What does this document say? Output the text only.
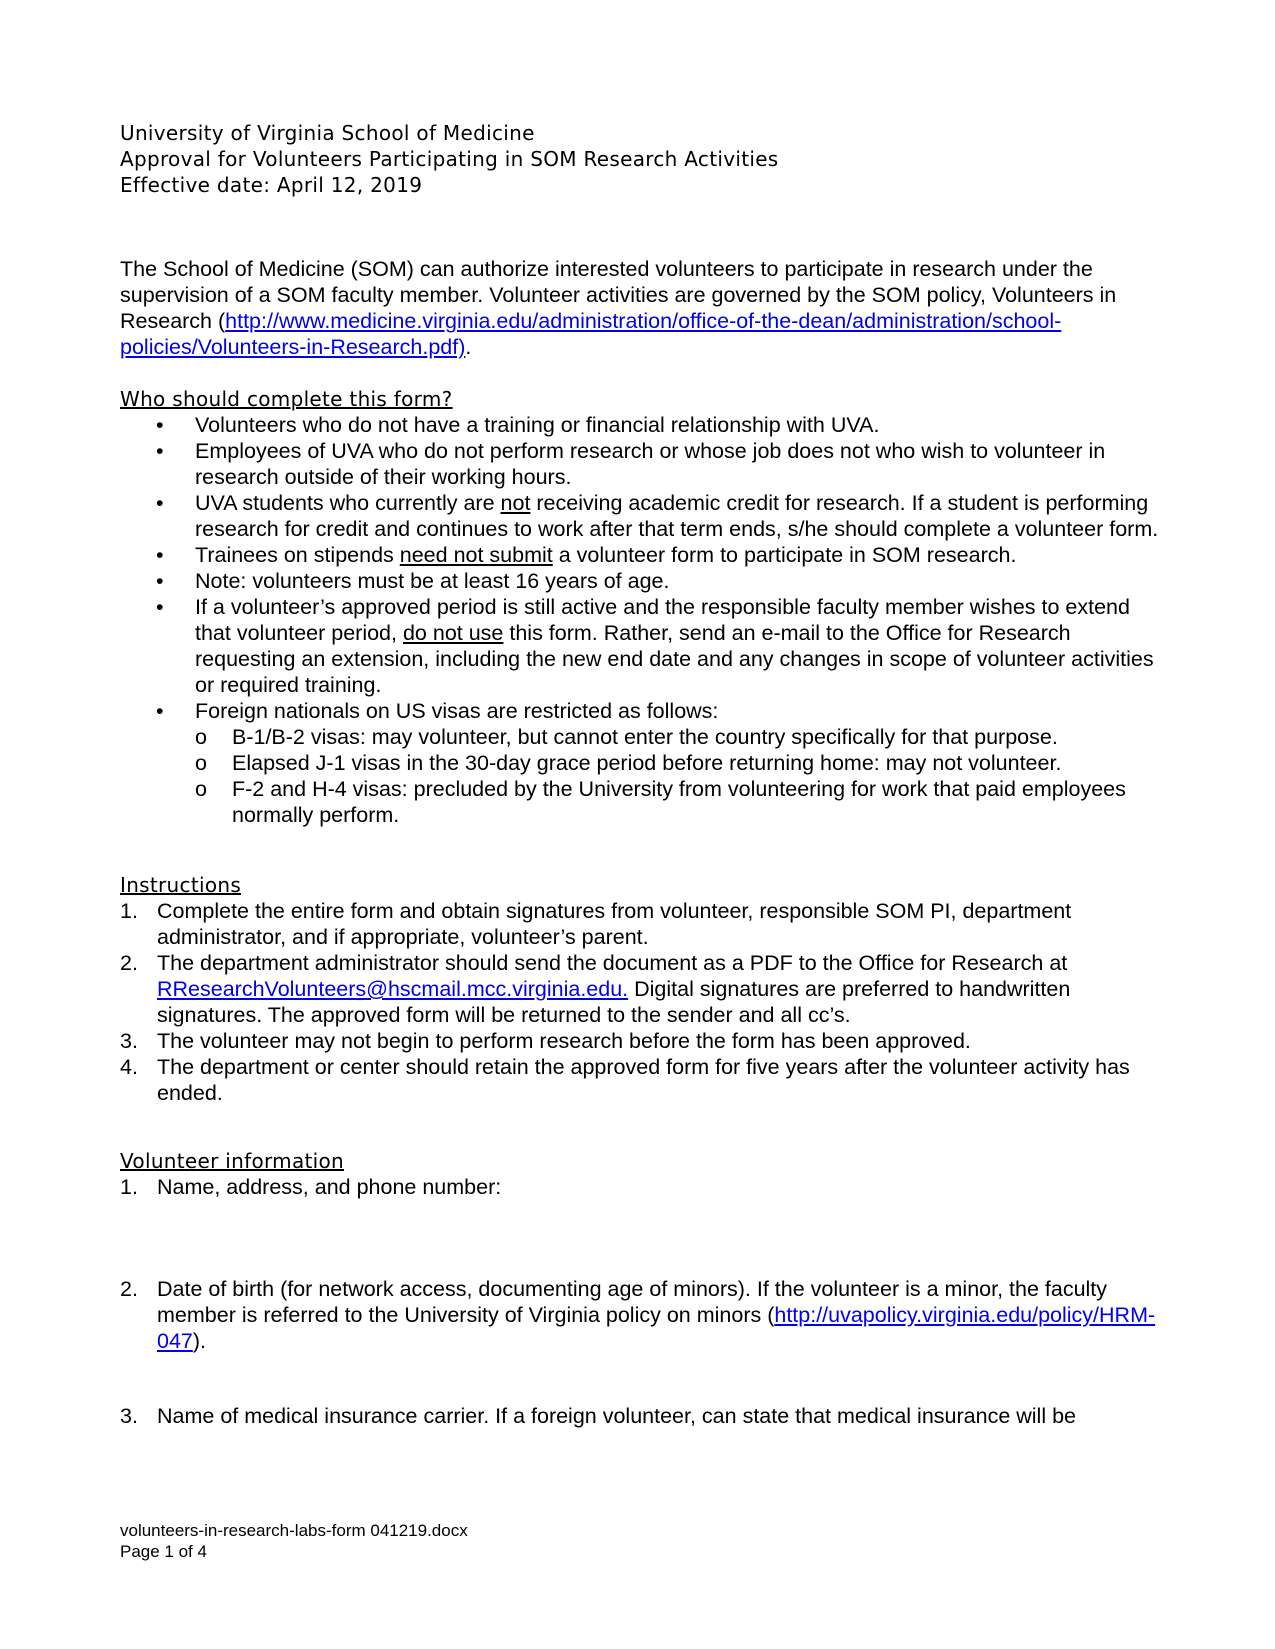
University of Virginia School of Medicine
Approval for Volunteers Participating in SOM Research Activities
Effective date: April 12, 2019

The School of Medicine (SOM) can authorize interested volunteers to participate in research under the supervision of a SOM faculty member. Volunteer activities are governed by the SOM policy, Volunteers in Research (http://www.medicine.virginia.edu/administration/office-of-the-dean/administration/school-policies/Volunteers-in-Research.pdf).

Who should complete this form?
• Volunteers who do not have a training or financial relationship with UVA.
• Employees of UVA who do not perform research or whose job does not who wish to volunteer in research outside of their working hours.
• UVA students who currently are not receiving academic credit for research. If a student is performing research for credit and continues to work after that term ends, s/he should complete a volunteer form.
• Trainees on stipends need not submit a volunteer form to participate in SOM research.
• Note: volunteers must be at least 16 years of age.
• If a volunteer’s approved period is still active and the responsible faculty member wishes to extend that volunteer period, do not use this form. Rather, send an e-mail to the Office for Research requesting an extension, including the new end date and any changes in scope of volunteer activities or required training.
• Foreign nationals on US visas are restricted as follows:
o B-1/B-2 visas: may volunteer, but cannot enter the country specifically for that purpose.
o Elapsed J-1 visas in the 30-day grace period before returning home: may not volunteer.
o F-2 and H-4 visas: precluded by the University from volunteering for work that paid employees normally perform.
Instructions
1. Complete the entire form and obtain signatures from volunteer, responsible SOM PI, department administrator, and if appropriate, volunteer’s parent.
2. The department administrator should send the document as a PDF to the Office for Research at RResearchVolunteers@hscmail.mcc.virginia.edu. Digital signatures are preferred to handwritten signatures. The approved form will be returned to the sender and all cc’s.
3. The volunteer may not begin to perform research before the form has been approved.
4. The department or center should retain the approved form for five years after the volunteer activity has ended.
Volunteer information
1. Name, address, and phone number:
2. Date of birth (for network access, documenting age of minors). If the volunteer is a minor, the faculty member is referred to the University of Virginia policy on minors (http://uvapolicy.virginia.edu/policy/HRM-047).
3. Name of medical insurance carrier. If a foreign volunteer, can state that medical insurance will be
volunteers-in-research-labs-form 041219.docx
Page 1 of 4
